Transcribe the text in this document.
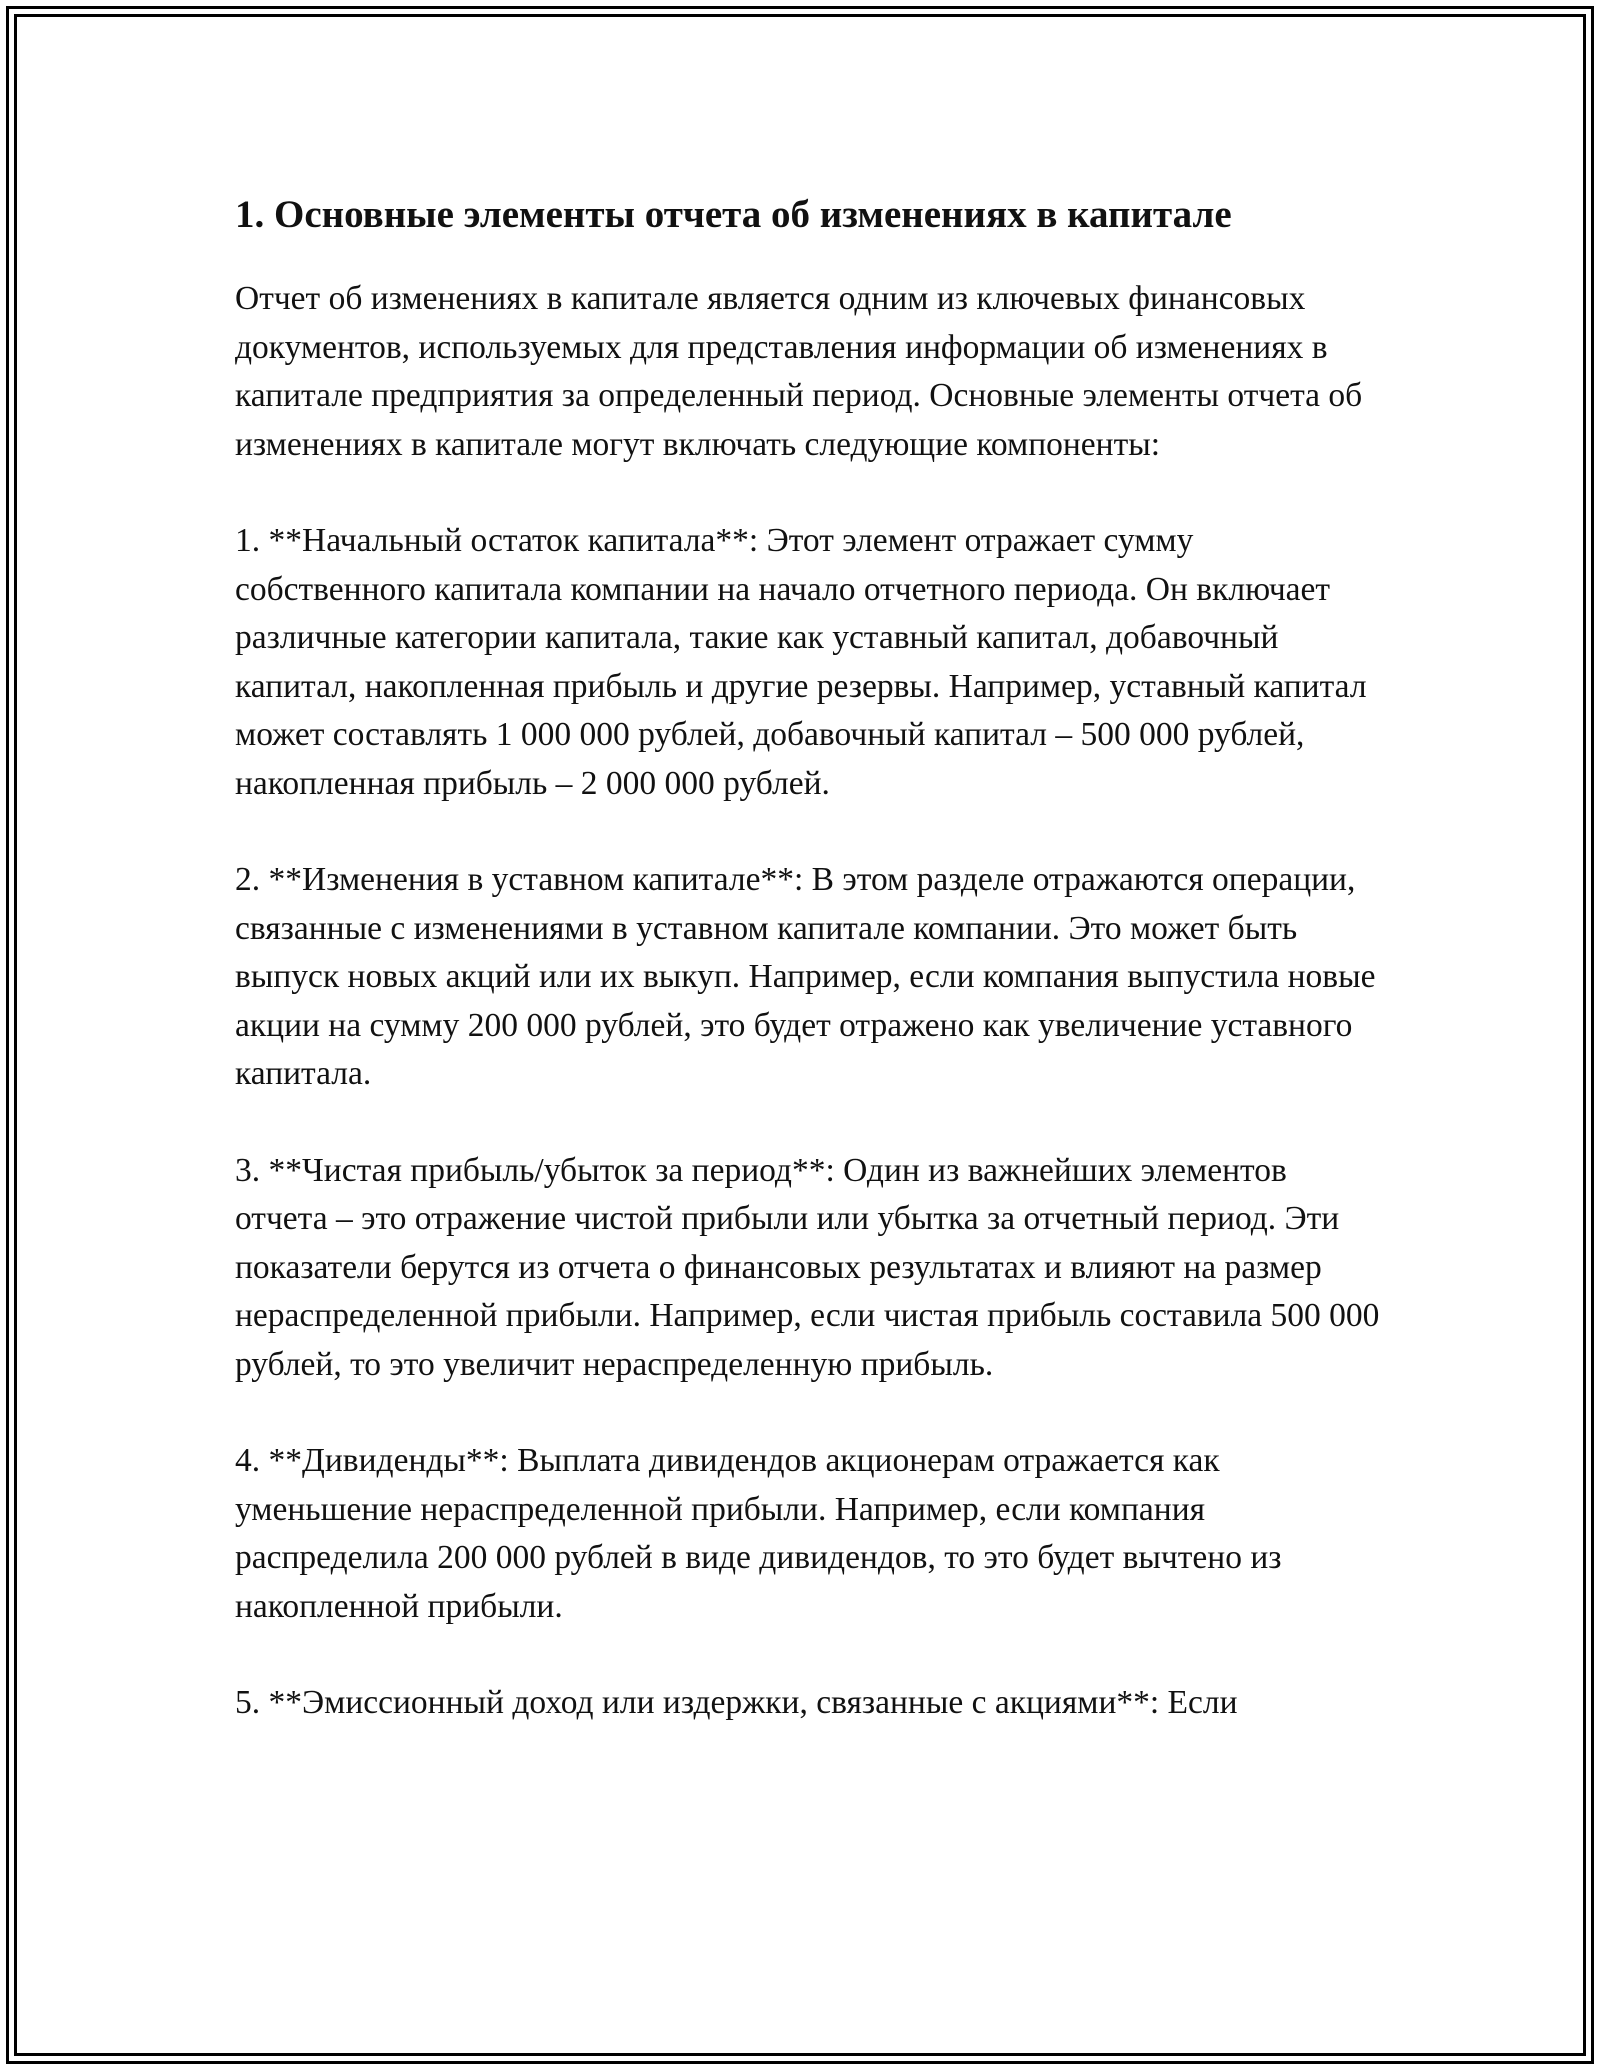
1. Основные элементы отчета об изменениях в капитале

Отчет об изменениях в капитале является одним из ключевых финансовых документов, используемых для представления информации об изменениях в капитале предприятия за определенный период. Основные элементы отчета об изменениях в капитале могут включать следующие компоненты:

1. **Начальный остаток капитала**: Этот элемент отражает сумму собственного капитала компании на начало отчетного периода. Он включает различные категории капитала, такие как уставный капитал, добавочный капитал, накопленная прибыль и другие резервы. Например, уставный капитал может составлять 1 000 000 рублей, добавочный капитал – 500 000 рублей, накопленная прибыль – 2 000 000 рублей.

2. **Изменения в уставном капитале**: В этом разделе отражаются операции, связанные с изменениями в уставном капитале компании. Это может быть выпуск новых акций или их выкуп. Например, если компания выпустила новые акции на сумму 200 000 рублей, это будет отражено как увеличение уставного капитала.

3. **Чистая прибыль/убыток за период**: Один из важнейших элементов отчета – это отражение чистой прибыли или убытка за отчетный период. Эти показатели берутся из отчета о финансовых результатах и влияют на размер нераспределенной прибыли. Например, если чистая прибыль составила 500 000 рублей, то это увеличит нераспределенную прибыль.

4. **Дивиденды**: Выплата дивидендов акционерам отражается как уменьшение нераспределенной прибыли. Например, если компания распределила 200 000 рублей в виде дивидендов, то это будет вычтено из накопленной прибыли.

5. **Эмиссионный доход или издержки, связанные с акциями**: Если
